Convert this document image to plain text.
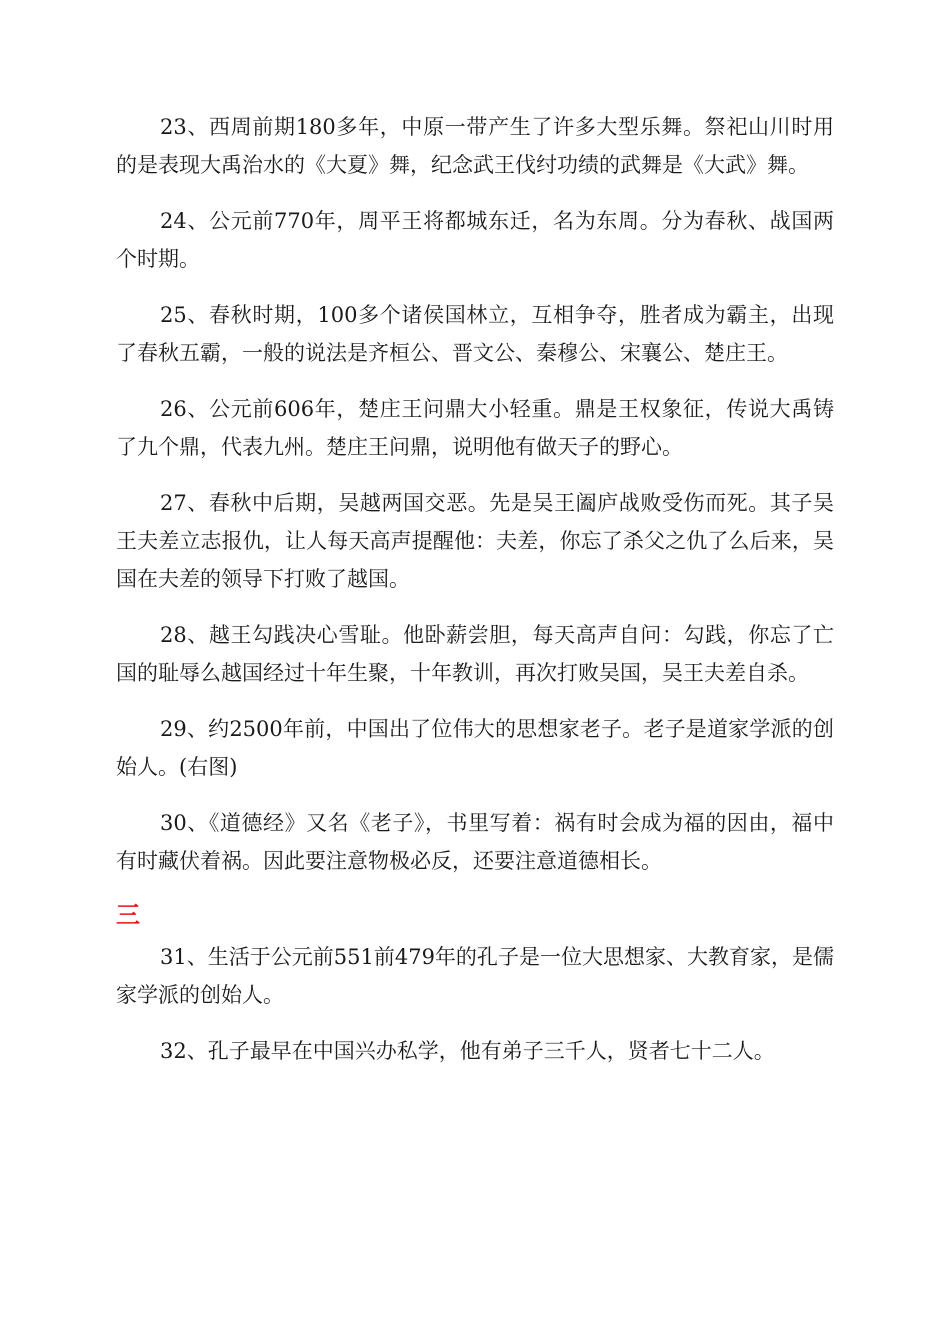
23、西周前期180多年，中原一带产生了许多大型乐舞。祭祀山川时用的是表现大禹治水的《大夏》舞，纪念武王伐纣功绩的武舞是《大武》舞。

24、公元前770年，周平王将都城东迁，名为东周。分为春秋、战国两个时期。

25、春秋时期，100多个诸侯国林立，互相争夺，胜者成为霸主，出现了春秋五霸，一般的说法是齐桓公、晋文公、秦穆公、宋襄公、楚庄王。

26、公元前606年，楚庄王问鼎大小轻重。鼎是王权象征，传说大禹铸了九个鼎，代表九州。楚庄王问鼎，说明他有做天子的野心。

27、春秋中后期，吴越两国交恶。先是吴王阖庐战败受伤而死。其子吴王夫差立志报仇，让人每天高声提醒他：夫差，你忘了杀父之仇了么后来，吴国在夫差的领导下打败了越国。

28、越王勾践决心雪耻。他卧薪尝胆，每天高声自问：勾践，你忘了亡国的耻辱么越国经过十年生聚，十年教训，再次打败吴国，吴王夫差自杀。

29、约2500年前，中国出了位伟大的思想家老子。老子是道家学派的创始人。(右图)

30、《道德经》又名《老子》，书里写着：祸有时会成为福的因由，福中有时藏伏着祸。因此要注意物极必反，还要注意道德相长。

三

31、生活于公元前551前479年的孔子是一位大思想家、大教育家，是儒家学派的创始人。

32、孔子最早在中国兴办私学，他有弟子三千人，贤者七十二人。
